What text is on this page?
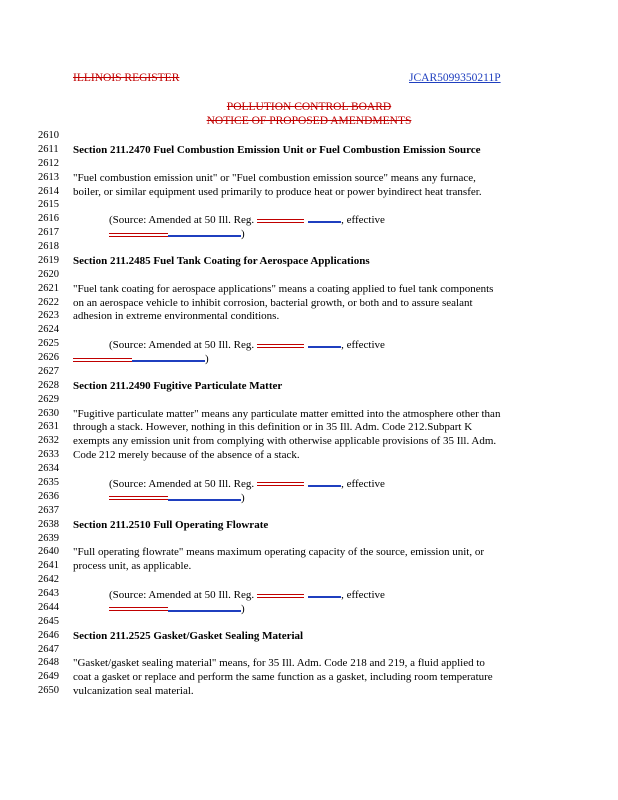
ILLINOIS REGISTER	JCAR5099350211P
POLLUTION CONTROL BOARD
NOTICE OF PROPOSED AMENDMENTS
2610
2611 Section 211.2470 Fuel Combustion Emission Unit or Fuel Combustion Emission Source
2612
2613 "Fuel combustion emission unit" or "Fuel combustion emission source" means any furnace,
2614 boiler, or similar equipment used primarily to produce heat or power byindirect heat transfer.
2615
2616	(Source: Amended at 50 Ill. Reg.	, effective
2617	)
2618
2619 Section 211.2485 Fuel Tank Coating for Aerospace Applications
2620
2621 "Fuel tank coating for aerospace applications" means a coating applied to fuel tank components
2622 on an aerospace vehicle to inhibit corrosion, bacterial growth, or both and to assure sealant
2623 adhesion in extreme environmental conditions.
2624
2625	(Source: Amended at 50 Ill. Reg.	, effective
2626	)
2627
2628 Section 211.2490 Fugitive Particulate Matter
2629
2630 "Fugitive particulate matter" means any particulate matter emitted into the atmosphere other than
2631 through a stack. However, nothing in this definition or in 35 Ill. Adm. Code 212.Subpart K
2632 exempts any emission unit from complying with otherwise applicable provisions of 35 Ill. Adm.
2633 Code 212 merely because of the absence of a stack.
2634
2635	(Source: Amended at 50 Ill. Reg.	, effective
2636	)
2637
2638 Section 211.2510 Full Operating Flowrate
2639
2640 "Full operating flowrate" means maximum operating capacity of the source, emission unit, or
2641 process unit, as applicable.
2642
2643	(Source: Amended at 50 Ill. Reg.	, effective
2644	)
2645
2646 Section 211.2525 Gasket/Gasket Sealing Material
2647
2648 "Gasket/gasket sealing material" means, for 35 Ill. Adm. Code 218 and 219, a fluid applied to
2649 coat a gasket or replace and perform the same function as a gasket, including room temperature
2650 vulcanization seal material.
